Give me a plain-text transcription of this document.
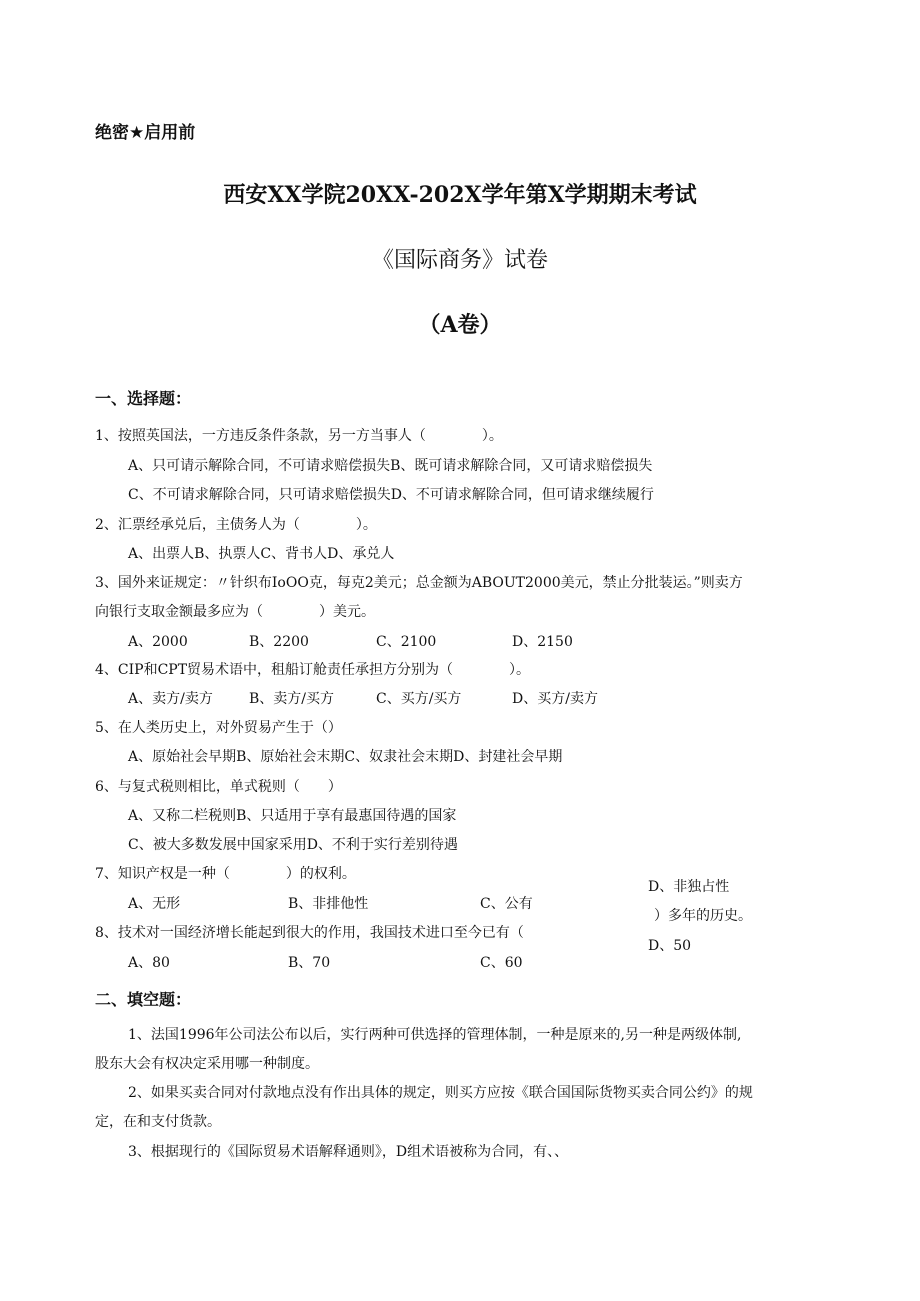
绝密★启用前
西安XX学院20XX-202X学年第X学期期末考试
《国际商务》试卷
（A卷）
一、选择题：
1、按照英国法，一方违反条件条款，另一方当事人（　　　　）。
A、只可请示解除合同，不可请求赔偿损失B、既可请求解除合同，又可请求赔偿损失
C、不可请求解除合同，只可请求赔偿损失D、不可请求解除合同，但可请求继续履行
2、汇票经承兑后，主债务人为（　　　　）。
A、出票人B、执票人C、背书人D、承兑人
3、国外来证规定：〃针织布IoOO克，每克2美元；总金额为ABOUT2000美元，禁止分批装运。”则卖方
向银行支取金额最多应为（　　　　）美元。
A、2000	B、2200	C、2100	D、2150
4、CIP和CPT贸易术语中，租船订舱责任承担方分别为（　　　　）。
A、卖方/卖方	B、卖方/买方	C、买方/买方	D、买方/卖方
5、在人类历史上，对外贸易产生于（）
A、原始社会早期B、原始社会末期C、奴隶社会末期D、封建社会早期
6、与复式税则相比，单式税则（　　）
A、又称二栏税则B、只适用于享有最惠国待遇的国家
C、被大多数发展中国家采用D、不利于实行差别待遇
7、知识产权是一种（　　　　）的权利。
A、无形	B、非排他性	C、公有
D、非独占性
8、技术对一国经济增长能起到很大的作用，我国技术进口至今已有（
）多年的历史。
A、80	B、70	C、60
D、50
二、填空题：
1、法国1996年公司法公布以后，实行两种可供选择的管理体制，一种是原来的,另一种是两级体制,
股东大会有权决定采用哪一种制度。
2、如果买卖合同对付款地点没有作出具体的规定，则买方应按《联合国国际货物买卖合同公约》的规
定，在和支付货款。
3、根据现行的《国际贸易术语解释通则》，D组术语被称为合同，有、、
